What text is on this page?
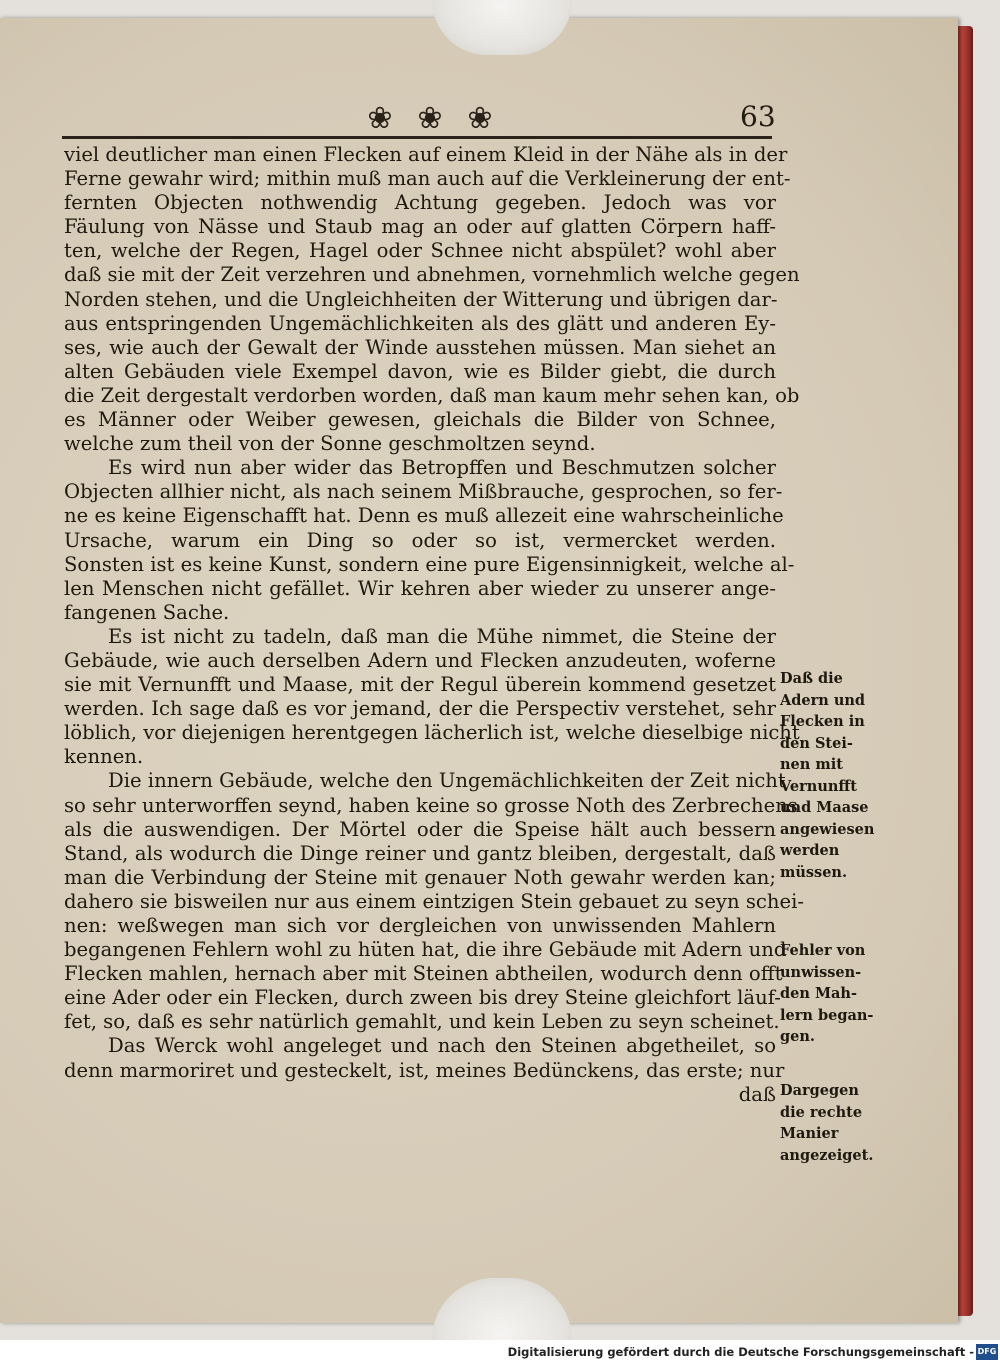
❀ ❀ ❀	63
viel deutlicher man einen Flecken auf einem Kleid in der Nähe als in der
Ferne gewahr wird; mithin muß man auch auf die Verkleinerung der ent-
fernten Objecten nothwendig Achtung gegeben. Jedoch was vor
Fäulung von Nässe und Staub mag an oder auf glatten Cörpern haff-
ten, welche der Regen, Hagel oder Schnee nicht abspület? wohl aber
daß sie mit der Zeit verzehren und abnehmen, vornehmlich welche gegen
Norden stehen, und die Ungleichheiten der Witterung und übrigen dar-
aus entspringenden Ungemächlichkeiten als des glätt und anderen Ey-
ses, wie auch der Gewalt der Winde ausstehen müssen. Man siehet an
alten Gebäuden viele Exempel davon, wie es Bilder giebt, die durch
die Zeit dergestalt verdorben worden, daß man kaum mehr sehen kan, ob
es Männer oder Weiber gewesen, gleichals die Bilder von Schnee,
welche zum theil von der Sonne geschmoltzen seynd.
Es wird nun aber wider das Betropffen und Beschmutzen solcher
Objecten allhier nicht, als nach seinem Mißbrauche, gesprochen, so fer-
ne es keine Eigenschafft hat. Denn es muß allezeit eine wahrscheinliche
Ursache, warum ein Ding so oder so ist, vermercket werden.
Sonsten ist es keine Kunst, sondern eine pure Eigensinnigkeit, welche al-
len Menschen nicht gefället. Wir kehren aber wieder zu unserer ange-
fangenen Sache.
Es ist nicht zu tadeln, daß man die Mühe nimmet, die Steine der
Gebäude, wie auch derselben Adern und Flecken anzudeuten, woferne
sie mit Vernunfft und Maase, mit der Regul überein kommend gesetzet
werden. Ich sage daß es vor jemand, der die Perspectiv verstehet, sehr
löblich, vor diejenigen herentgegen lächerlich ist, welche dieselbige nicht
kennen.
Die innern Gebäude, welche den Ungemächlichkeiten der Zeit nicht
so sehr unterworffen seynd, haben keine so grosse Noth des Zerbrechens
als die auswendigen. Der Mörtel oder die Speise hält auch bessern
Stand, als wodurch die Dinge reiner und gantz bleiben, dergestalt, daß
man die Verbindung der Steine mit genauer Noth gewahr werden kan;
dahero sie bisweilen nur aus einem eintzigen Stein gebauet zu seyn schei-
nen: weßwegen man sich vor dergleichen von unwissenden Mahlern
begangenen Fehlern wohl zu hüten hat, die ihre Gebäude mit Adern und
Flecken mahlen, hernach aber mit Steinen abtheilen, wodurch denn offt
eine Ader oder ein Flecken, durch zween bis drey Steine gleichfort läuf-
fet, so, daß es sehr natürlich gemahlt, und kein Leben zu seyn scheinet.
Das Werck wohl angeleget und nach den Steinen abgetheilet, so
denn marmoriret und gesteckelt, ist, meines Bedünckens, das erste; nur
daß
Daß die
Adern und
Flecken in
den Stei-
nen mit
Vernunfft
und Maase
angewiesen
werden
müssen.
Fehler von
unwissen-
den Mah-
lern began-
gen.
Dargegen
die rechte
Manier
angezeiget.
Digitalisierung gefördert durch die Deutsche Forschungsgemeinschaft - DFG
